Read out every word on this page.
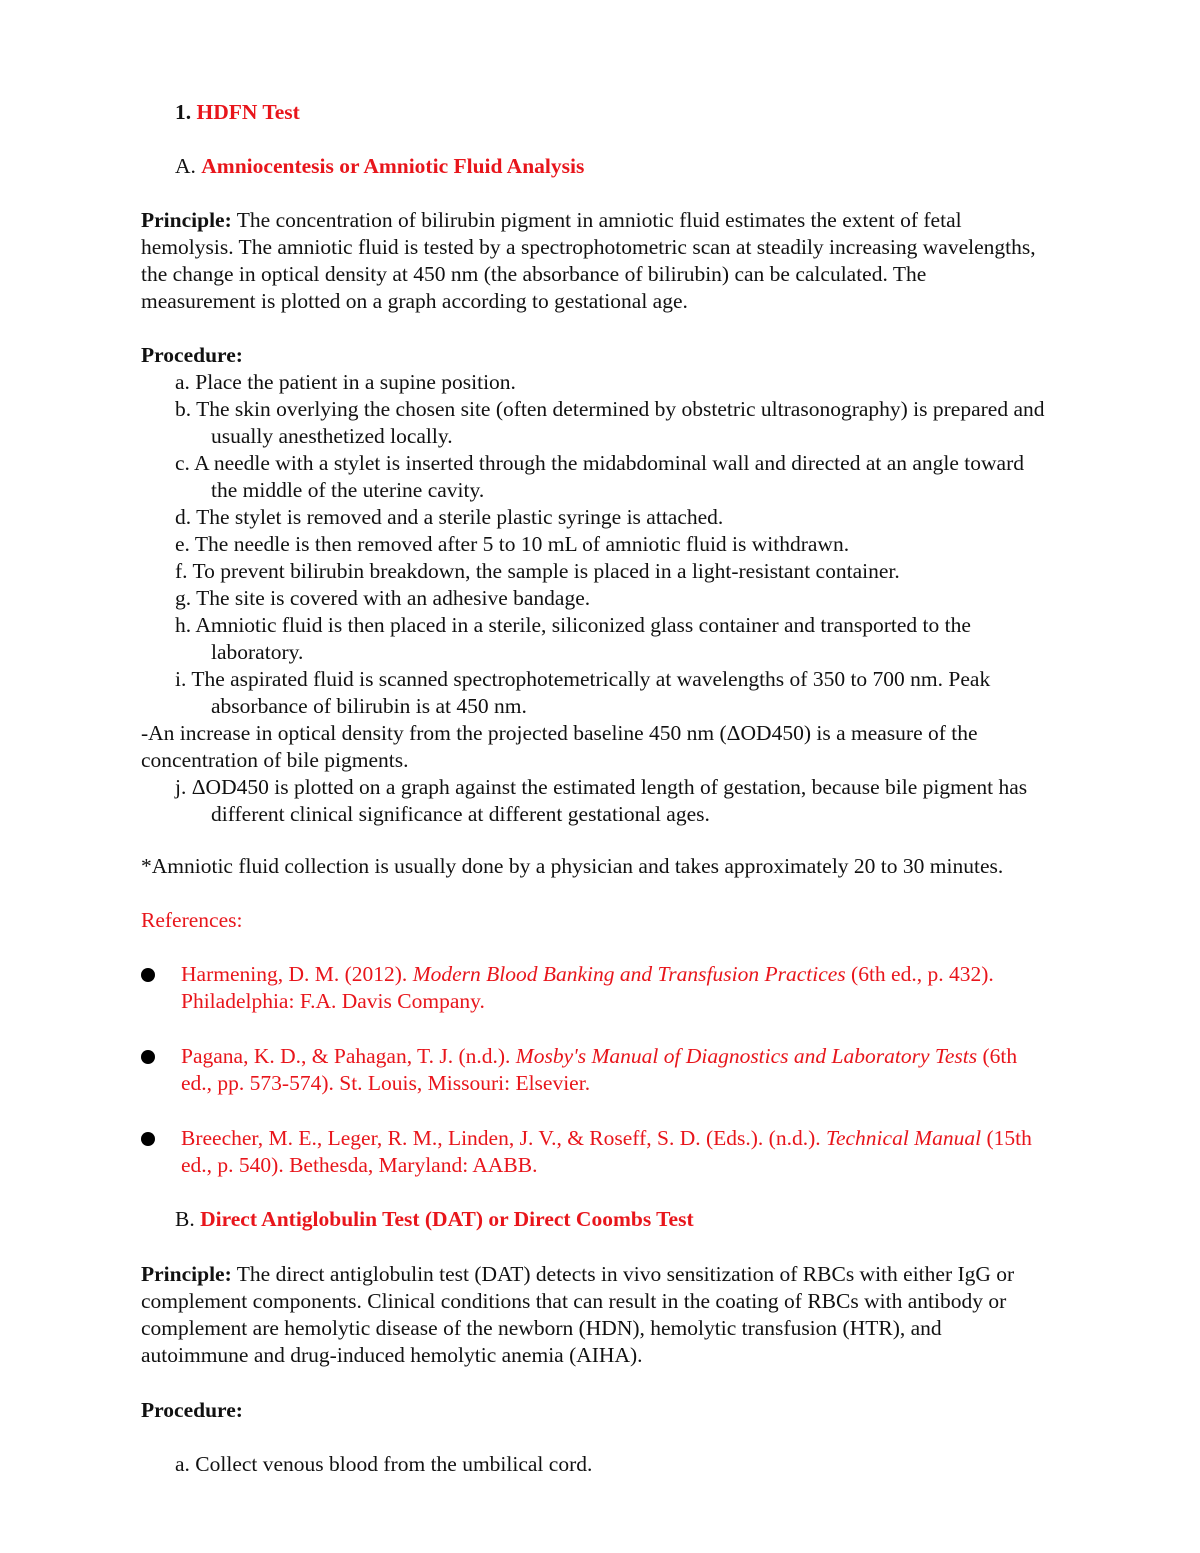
1. HDFN Test

A. Amniocentesis or Amniotic Fluid Analysis

Principle: The concentration of bilirubin pigment in amniotic fluid estimates the extent of fetal

hemolysis. The amniotic fluid is tested by a spectrophotometric scan at steadily increasing wavelengths,

the change in optical density at 450 nm (the absorbance of bilirubin) can be calculated. The

measurement is plotted on a graph according to gestational age.

Procedure:

a. Place the patient in a supine position.

b. The skin overlying the chosen site (often determined by obstetric ultrasonography) is prepared and

usually anesthetized locally.

c. A needle with a stylet is inserted through the midabdominal wall and directed at an angle toward

the middle of the uterine cavity.

d. The stylet is removed and a sterile plastic syringe is attached.

e. The needle is then removed after 5 to 10 mL of amniotic fluid is withdrawn.

f. To prevent bilirubin breakdown, the sample is placed in a light-resistant container.

g. The site is covered with an adhesive bandage.

h. Amniotic fluid is then placed in a sterile, siliconized glass container and transported to the

laboratory.

i. The aspirated fluid is scanned spectrophotemetrically at wavelengths of 350 to 700 nm. Peak

absorbance of bilirubin is at 450 nm.

-An increase in optical density from the projected baseline 450 nm (ΔOD450) is a measure of the

concentration of bile pigments.

j. ΔOD450 is plotted on a graph against the estimated length of gestation, because bile pigment has

different clinical significance at different gestational ages.

*Amniotic fluid collection is usually done by a physician and takes approximately 20 to 30 minutes.

References:

Harmening, D. M. (2012). Modern Blood Banking and Transfusion Practices (6th ed., p. 432).

Philadelphia: F.A. Davis Company.

Pagana, K. D., & Pahagan, T. J. (n.d.). Mosby's Manual of Diagnostics and Laboratory Tests (6th

ed., pp. 573-574). St. Louis, Missouri: Elsevier.

Breecher, M. E., Leger, R. M., Linden, J. V., & Roseff, S. D. (Eds.). (n.d.). Technical Manual (15th

ed., p. 540). Bethesda, Maryland: AABB.

B. Direct Antiglobulin Test (DAT) or Direct Coombs Test

Principle: The direct antiglobulin test (DAT) detects in vivo sensitization of RBCs with either IgG or

complement components. Clinical conditions that can result in the coating of RBCs with antibody or

complement are hemolytic disease of the newborn (HDN), hemolytic transfusion (HTR), and

autoimmune and drug-induced hemolytic anemia (AIHA).

Procedure:

a. Collect venous blood from the umbilical cord.
